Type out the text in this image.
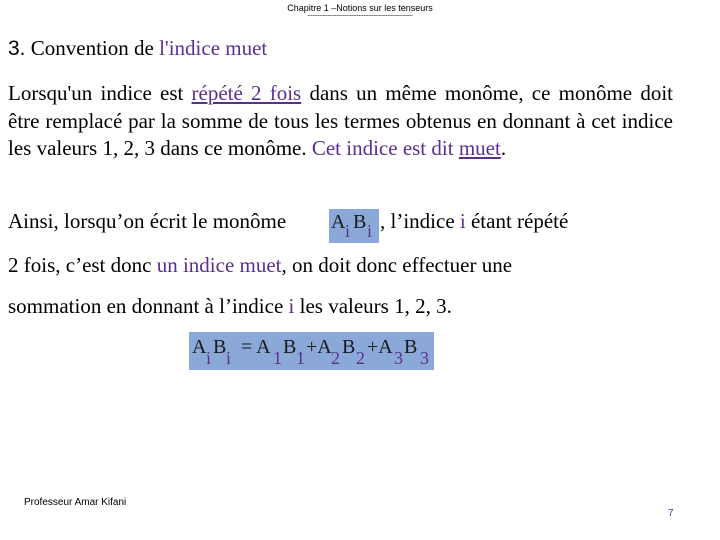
Chapitre 1 –Notions sur les tenseurs
--------------------------------------------------------------
3. Convention de l'indice muet
Lorsqu'un indice est répété 2 fois dans un même monôme, ce monôme doit être remplacé par la somme de tous les termes obtenus en donnant à cet indice les valeurs 1, 2, 3 dans ce monôme. Cet indice est dit muet.
Ainsi, lorsqu’on écrit le monôme A i B i , l’indice i étant répété
2 fois, c’est donc un indice muet, on doit donc effectuer une
sommation en donnant à l’indice i les valeurs 1, 2, 3.
A i B i = A 1 B 1 +A 2 B 2 +A 3 B 3
Professeur Amar Kifani
7
